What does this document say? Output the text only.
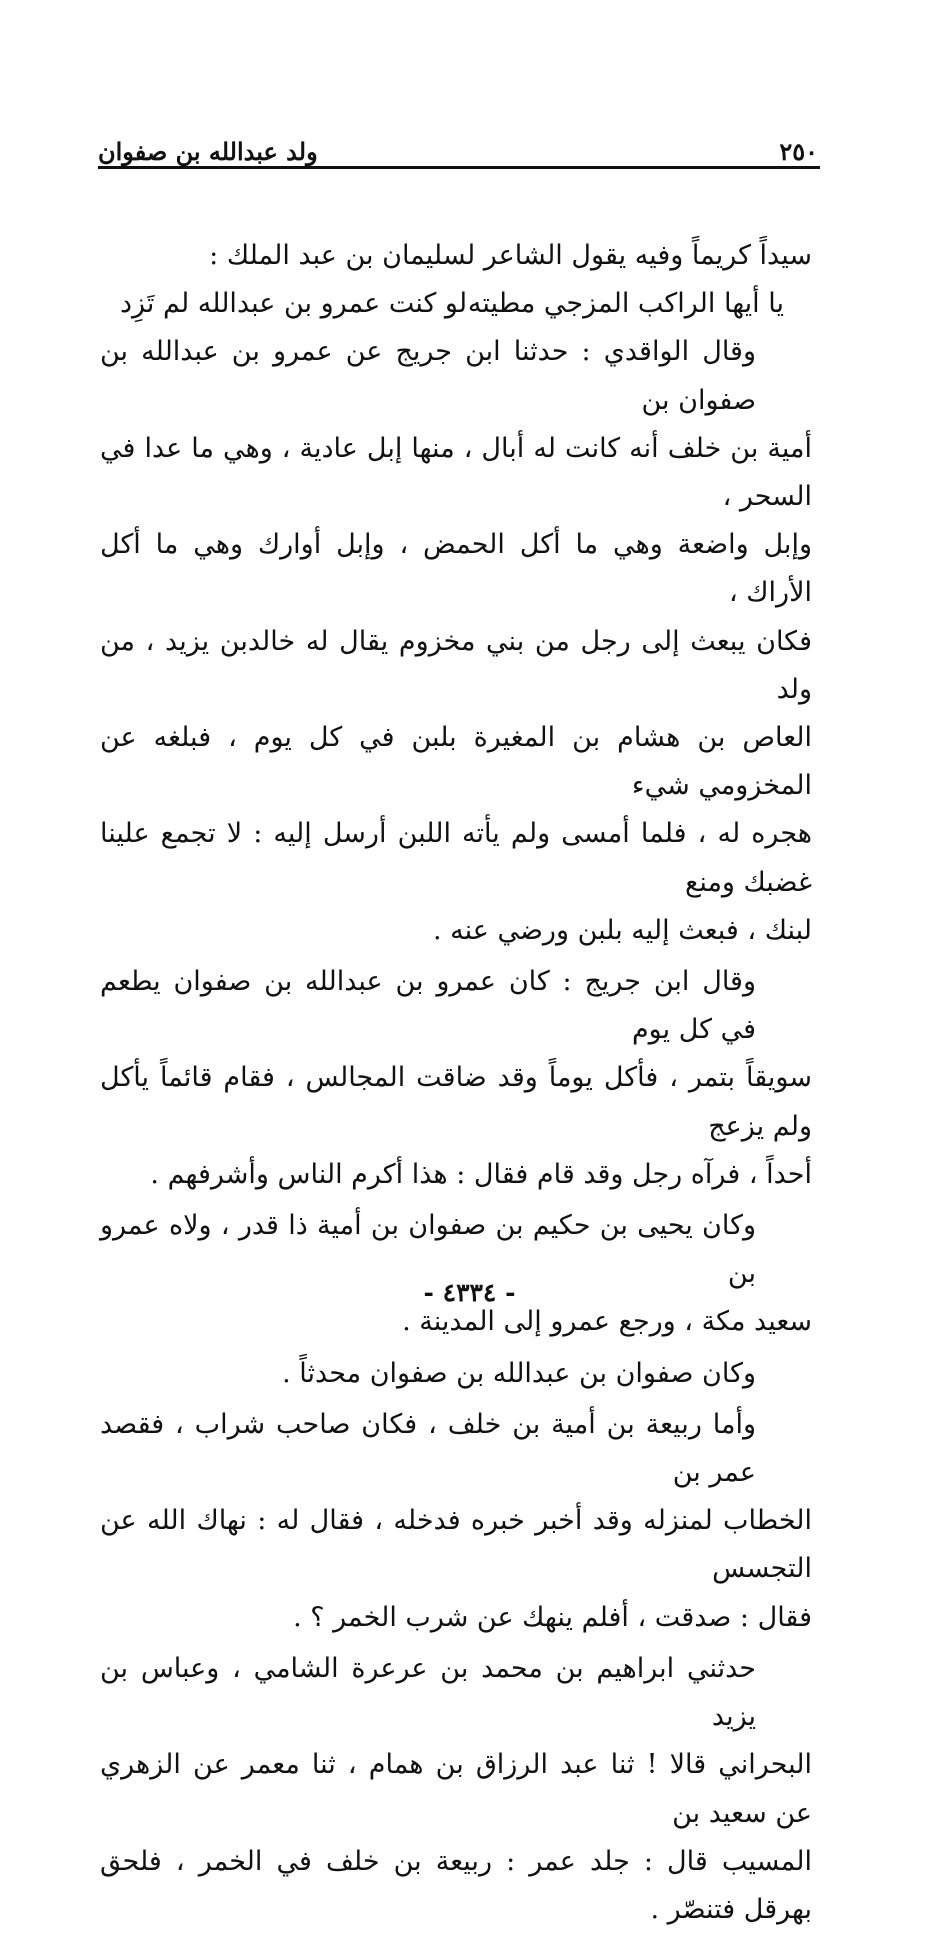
ولد عبدالله بن صفوان	٢٥٠

سيداً كريماً وفيه يقول الشاعر لسليمان بن عبد الملك :

يا أيها الراكب المزجي مطيته
لو كنت عمرو بن عبدالله لم تَزِد

وقال الواقدي : حدثنا ابن جريج عن عمرو بن عبدالله بن صفوان بن

أمية بن خلف أنه كانت له أبال ، منها إبل عادية ، وهي ما عدا في السحر ،

وإبل واضعة وهي ما أكل الحمض ، وإبل أوارك وهي ما أكل الأراك ،

فكان يبعث إلى رجل من بني مخزوم يقال له خالدبن يزيد ، من ولد

العاص بن هشام بن المغيرة بلبن في كل يوم ، فبلغه عن المخزومي شيء

هجره له ، فلما أمسى ولم يأته اللبن أرسل إليه : لا تجمع علينا غضبك ومنع

لبنك ، فبعث إليه بلبن ورضي عنه .

وقال ابن جريج : كان عمرو بن عبدالله بن صفوان يطعم في كل يوم

سويقاً بتمر ، فأكل يوماً وقد ضاقت المجالس ، فقام قائماً يأكل ولم يزعج

أحداً ، فرآه رجل وقد قام فقال : هذا أكرم الناس وأشرفهم .

وكان يحيى بن حكيم بن صفوان بن أمية ذا قدر ، ولاه عمرو بن

سعيد مكة ، ورجع عمرو إلى المدينة .

وكان صفوان بن عبدالله بن صفوان محدثاً .

وأما ربيعة بن أمية بن خلف ، فكان صاحب شراب ، فقصد عمر بن

الخطاب لمنزله وقد أخبر خبره فدخله ، فقال له : نهاك الله عن التجسس

فقال : صدقت ، أفلم ينهك عن شرب الخمر ؟ .

حدثني ابراهيم بن محمد بن عرعرة الشامي ، وعباس بن يزيد

البحراني قالا ! ثنا عبد الرزاق بن همام ، ثنا معمر عن الزهري عن سعيد بن

المسيب قال : جلد عمر : ربيعة بن خلف في الخمر ، فلحق بهرقل فتنصّر .

- ٤٣٣٤ -
